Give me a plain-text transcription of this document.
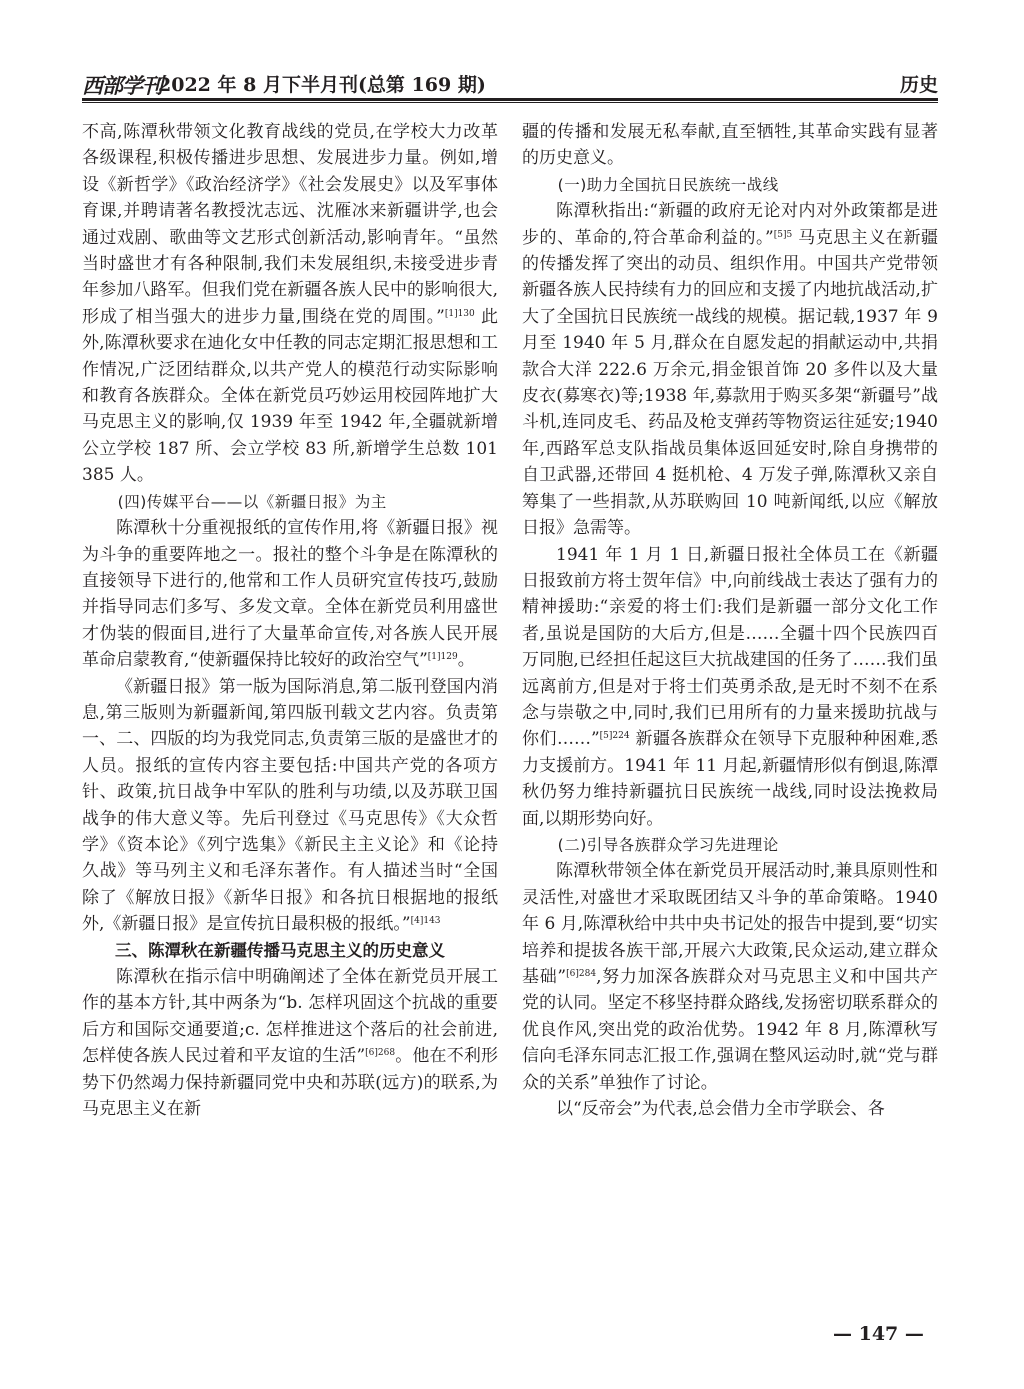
西部学刊
2022 年 8 月下半月刊(总第 169 期)	历史

不高,陈潭秋带领文化教育战线的党员,在学校大力改革各级课程,积极传播进步思想、发展进步力量。例如,增设《新哲学》《政治经济学》《社会发展史》以及军事体育课,并聘请著名教授沈志远、沈雁冰来新疆讲学,也会通过戏剧、歌曲等文艺形式创新活动,影响青年。“虽然当时盛世才有各种限制,我们未发展组织,未接受进步青年参加八路军。但我们党在新疆各族人民中的影响很大,形成了相当强大的进步力量,围绕在党的周围。”$^{[1]130}$ 此外,陈潭秋要求在迪化女中任教的同志定期汇报思想和工作情况,广泛团结群众,以共产党人的模范行动实际影响和教育各族群众。全体在新党员巧妙运用校园阵地扩大马克思主义的影响,仅 1939 年至 1942 年,全疆就新增公立学校 187 所、会立学校 83 所,新增学生总数 101385 人。

(四)传媒平台——以《新疆日报》为主

陈潭秋十分重视报纸的宣传作用,将《新疆日报》视为斗争的重要阵地之一。报社的整个斗争是在陈潭秋的直接领导下进行的,他常和工作人员研究宣传技巧,鼓励并指导同志们多写、多发文章。全体在新党员利用盛世才伪装的假面目,进行了大量革命宣传,对各族人民开展革命启蒙教育,“使新疆保持比较好的政治空气”$^{[1]129}$。

《新疆日报》第一版为国际消息,第二版刊登国内消息,第三版则为新疆新闻,第四版刊载文艺内容。负责第一、二、四版的均为我党同志,负责第三版的是盛世才的人员。报纸的宣传内容主要包括:中国共产党的各项方针、政策,抗日战争中军队的胜利与功绩,以及苏联卫国战争的伟大意义等。先后刊登过《马克思传》《大众哲学》《资本论》《列宁选集》《新民主主义论》和《论持久战》等马列主义和毛泽东著作。有人描述当时“全国除了《解放日报》《新华日报》和各抗日根据地的报纸外,《新疆日报》是宣传抗日最积极的报纸。”$^{[4]143}$

三、陈潭秋在新疆传播马克思主义的历史意义

陈潭秋在指示信中明确阐述了全体在新党员开展工作的基本方针,其中两条为“b. 怎样巩固这个抗战的重要后方和国际交通要道;c. 怎样推进这个落后的社会前进,怎样使各族人民过着和平友谊的生活”$^{[6]268}$。他在不利形势下仍然竭力保持新疆同党中央和苏联(远方)的联系,为马克思主义在新

疆的传播和发展无私奉献,直至牺牲,其革命实践有显著的历史意义。

(一)助力全国抗日民族统一战线

陈潭秋指出:“新疆的政府无论对内对外政策都是进步的、革命的,符合革命利益的。”$^{[5]5}$ 马克思主义在新疆的传播发挥了突出的动员、组织作用。中国共产党带领新疆各族人民持续有力的回应和支援了内地抗战活动,扩大了全国抗日民族统一战线的规模。据记载,1937 年 9 月至 1940 年 5 月,群众在自愿发起的捐献运动中,共捐款合大洋 222.6 万余元,捐金银首饰 20 多件以及大量皮衣(募寒衣)等;1938 年,募款用于购买多架“新疆号”战斗机,连同皮毛、药品及枪支弹药等物资运往延安;1940 年,西路军总支队指战员集体返回延安时,除自身携带的自卫武器,还带回 4 挺机枪、4 万发子弹,陈潭秋又亲自筹集了一些捐款,从苏联购回 10 吨新闻纸,以应《解放日报》急需等。

1941 年 1 月 1 日,新疆日报社全体员工在《新疆日报致前方将士贺年信》中,向前线战士表达了强有力的精神援助:“亲爱的将士们:我们是新疆一部分文化工作者,虽说是国防的大后方,但是……全疆十四个民族四百万同胞,已经担任起这巨大抗战建国的任务了……我们虽远离前方,但是对于将士们英勇杀敌,是无时不刻不在系念与崇敬之中,同时,我们已用所有的力量来援助抗战与你们……”$^{[5]224}$ 新疆各族群众在领导下克服种种困难,悉力支援前方。1941 年 11 月起,新疆情形似有倒退,陈潭秋仍努力维持新疆抗日民族统一战线,同时设法挽救局面,以期形势向好。

(二)引导各族群众学习先进理论

陈潭秋带领全体在新党员开展活动时,兼具原则性和灵活性,对盛世才采取既团结又斗争的革命策略。1940 年 6 月,陈潭秋给中共中央书记处的报告中提到,要“切实培养和提拔各族干部,开展六大政策,民众运动,建立群众基础”$^{[6]284}$,努力加深各族群众对马克思主义和中国共产党的认同。坚定不移坚持群众路线,发扬密切联系群众的优良作风,突出党的政治优势。1942 年 8 月,陈潭秋写信向毛泽东同志汇报工作,强调在整风运动时,就“党与群众的关系”单独作了讨论。

以“反帝会”为代表,总会借力全市学联会、各

— 147 —
